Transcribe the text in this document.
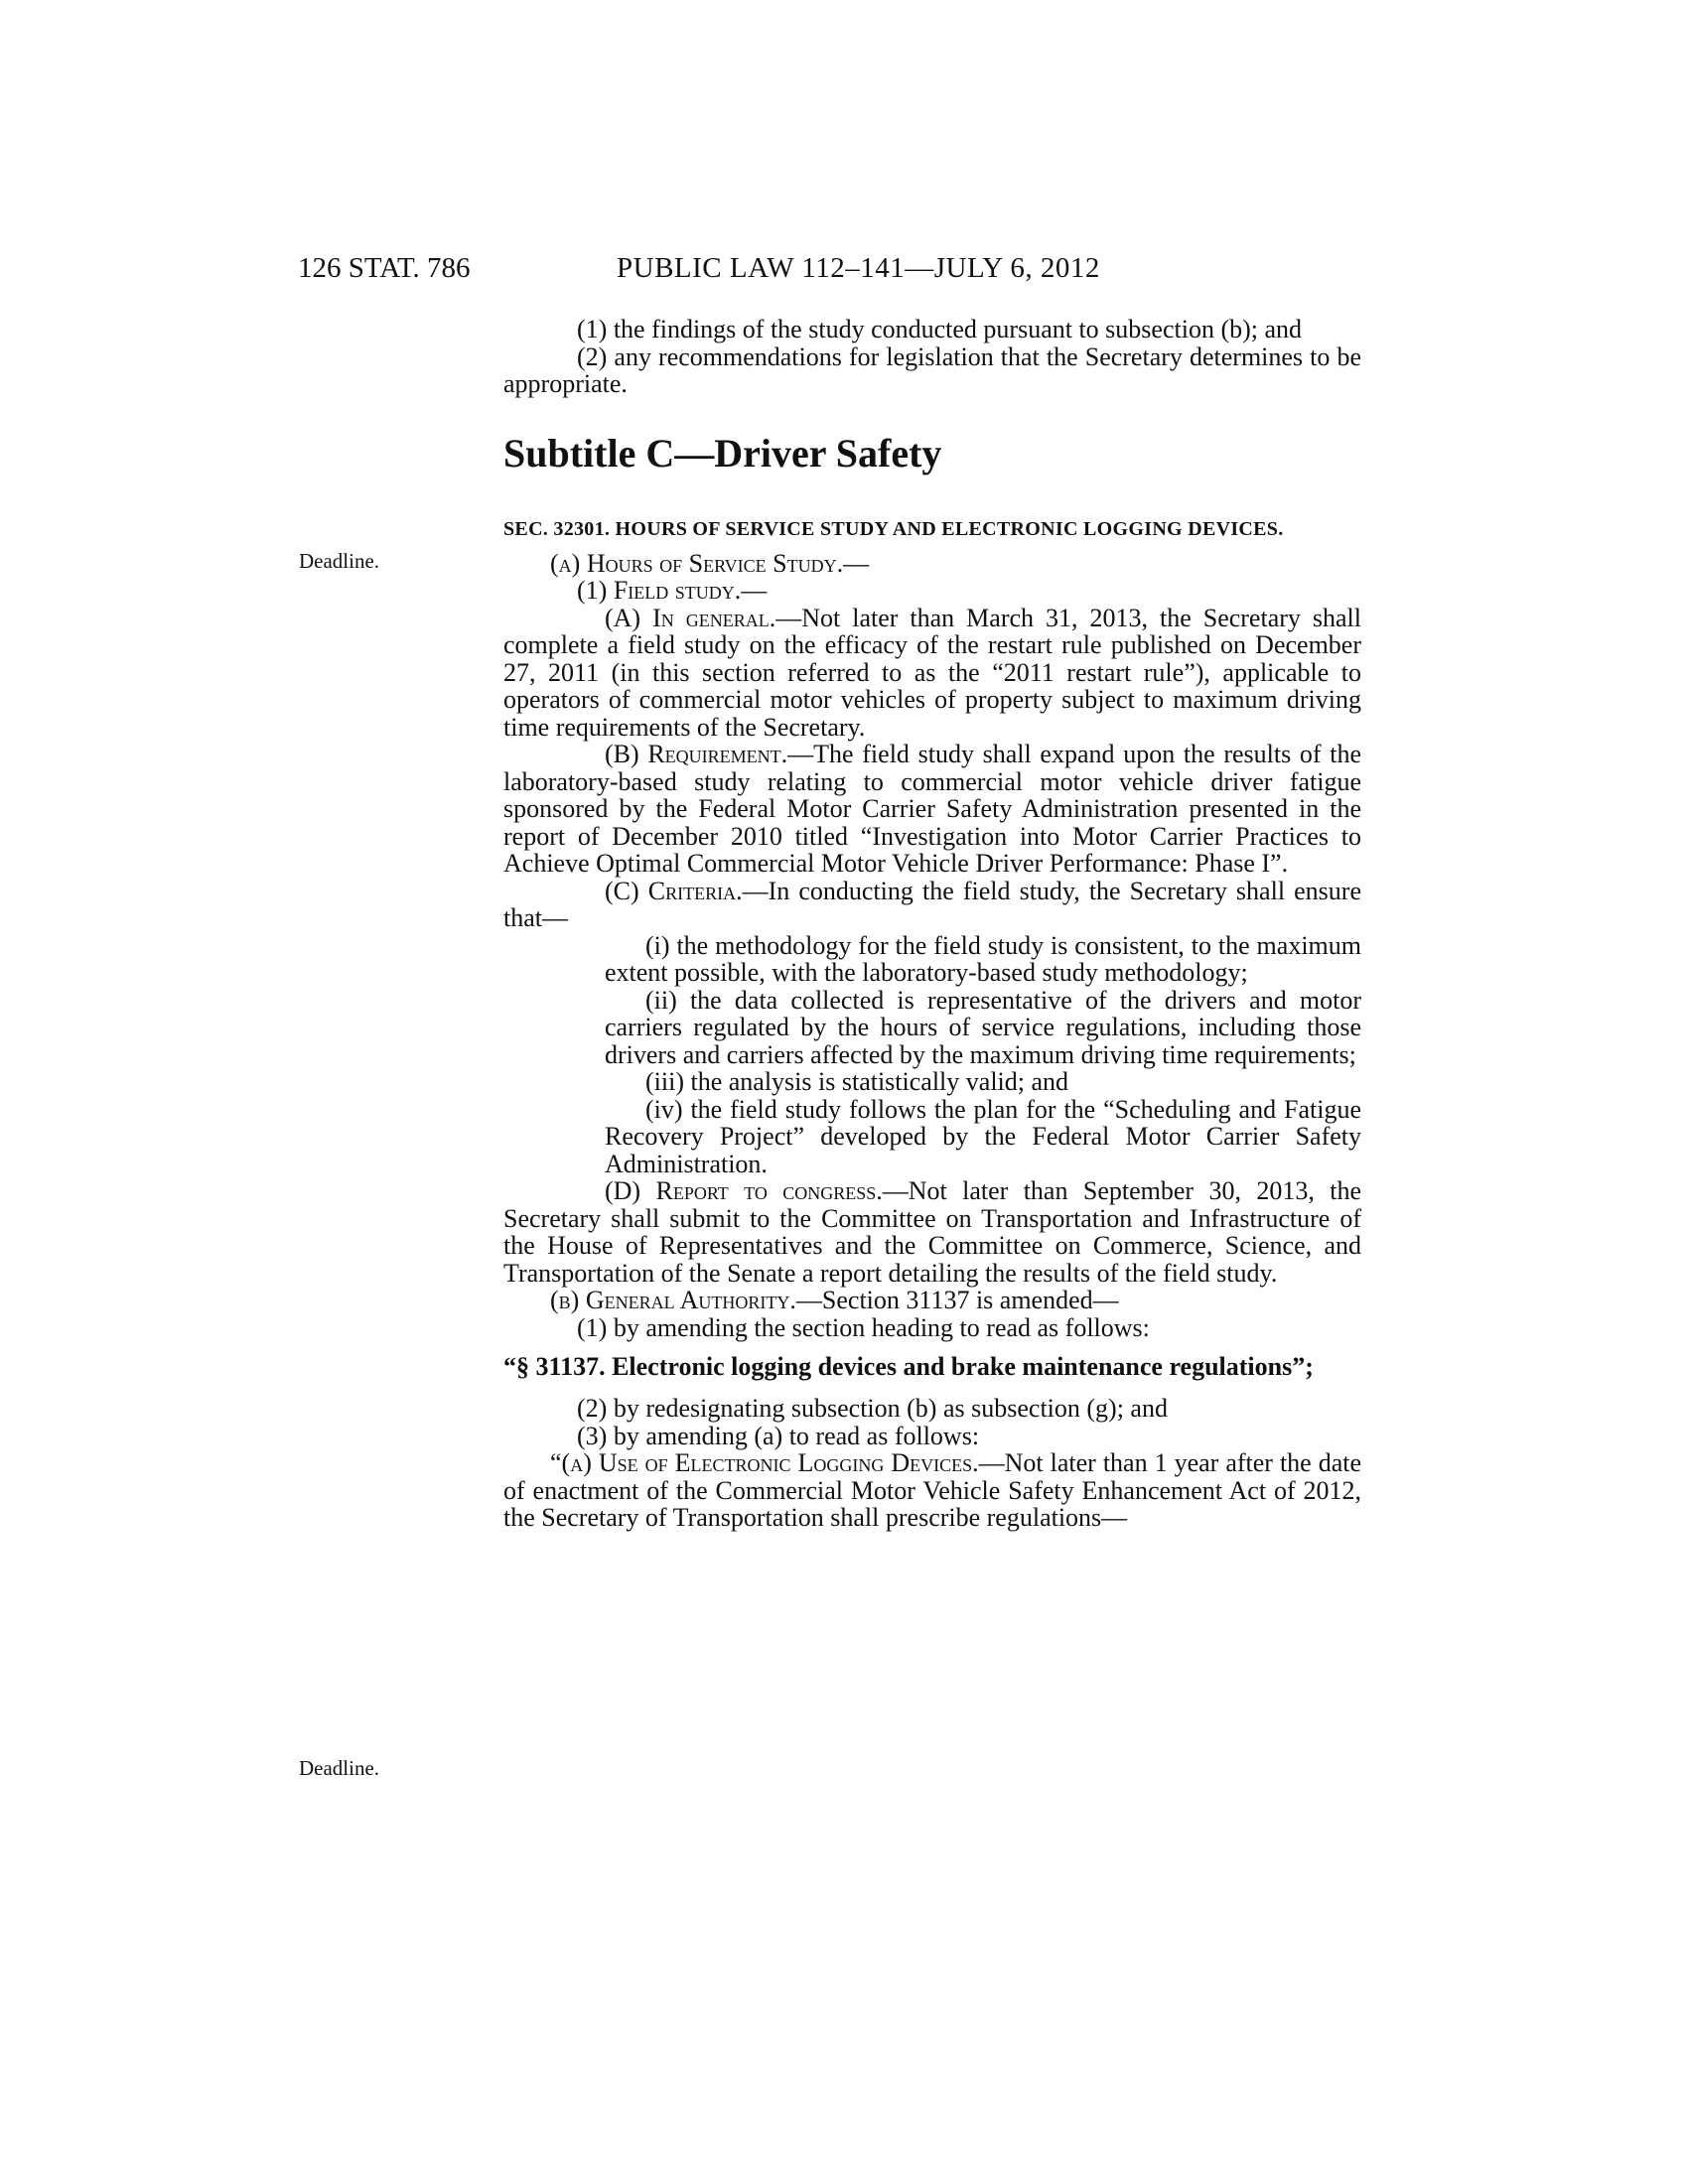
126 STAT. 786	PUBLIC LAW 112–141—JULY 6, 2012
Deadline.
Deadline.

(1) the findings of the study conducted pursuant to subsection (b); and

(2) any recommendations for legislation that the Secretary determines to be appropriate.

Subtitle C—Driver Safety

SEC. 32301. HOURS OF SERVICE STUDY AND ELECTRONIC LOGGING DEVICES.

(a) Hours of Service Study.—

(1) Field study.—

(A) In general.—Not later than March 31, 2013, the Secretary shall complete a field study on the efficacy of the restart rule published on December 27, 2011 (in this section referred to as the “2011 restart rule”), applicable to operators of commercial motor vehicles of property subject to maximum driving time requirements of the Secretary.

(B) Requirement.—The field study shall expand upon the results of the laboratory-based study relating to commercial motor vehicle driver fatigue sponsored by the Federal Motor Carrier Safety Administration presented in the report of December 2010 titled “Investigation into Motor Carrier Practices to Achieve Optimal Commercial Motor Vehicle Driver Performance: Phase I”.

(C) Criteria.—In conducting the field study, the Secretary shall ensure that—

(i) the methodology for the field study is consistent, to the maximum extent possible, with the laboratory-based study methodology;

(ii) the data collected is representative of the drivers and motor carriers regulated by the hours of service regulations, including those drivers and carriers affected by the maximum driving time requirements;

(iii) the analysis is statistically valid; and

(iv) the field study follows the plan for the “Scheduling and Fatigue Recovery Project” developed by the Federal Motor Carrier Safety Administration.

(D) Report to congress.—Not later than September 30, 2013, the Secretary shall submit to the Committee on Transportation and Infrastructure of the House of Representatives and the Committee on Commerce, Science, and Transportation of the Senate a report detailing the results of the field study.

(b) General Authority.—Section 31137 is amended—

(1) by amending the section heading to read as follows:

“§ 31137. Electronic logging devices and brake maintenance regulations”;

(2) by redesignating subsection (b) as subsection (g); and

(3) by amending (a) to read as follows:

“(a) Use of Electronic Logging Devices.—Not later than 1 year after the date of enactment of the Commercial Motor Vehicle Safety Enhancement Act of 2012, the Secretary of Transportation shall prescribe regulations—
